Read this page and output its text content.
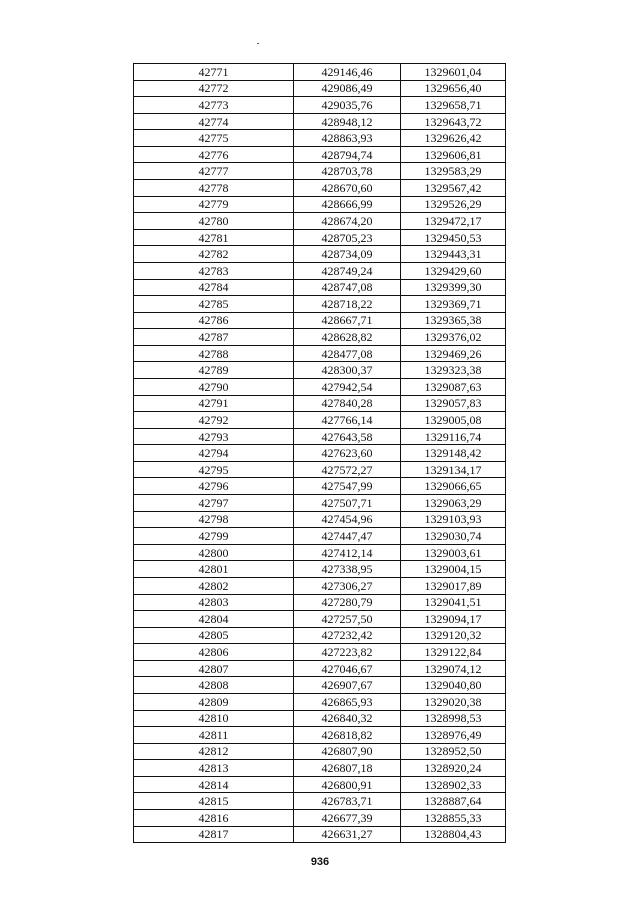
42771	429146,46	1329601,04
42772	429086,49	1329656,40
42773	429035,76	1329658,71
42774	428948,12	1329643,72
42775	428863,93	1329626,42
42776	428794,74	1329606,81
42777	428703,78	1329583,29
42778	428670,60	1329567,42
42779	428666,99	1329526,29
42780	428674,20	1329472,17
42781	428705,23	1329450,53
42782	428734,09	1329443,31
42783	428749,24	1329429,60
42784	428747,08	1329399,30
42785	428718,22	1329369,71
42786	428667,71	1329365,38
42787	428628,82	1329376,02
42788	428477,08	1329469,26
42789	428300,37	1329323,38
42790	427942,54	1329087,63
42791	427840,28	1329057,83
42792	427766,14	1329005,08
42793	427643,58	1329116,74
42794	427623,60	1329148,42
42795	427572,27	1329134,17
42796	427547,99	1329066,65
42797	427507,71	1329063,29
42798	427454,96	1329103,93
42799	427447,47	1329030,74
42800	427412,14	1329003,61
42801	427338,95	1329004,15
42802	427306,27	1329017,89
42803	427280,79	1329041,51
42804	427257,50	1329094,17
42805	427232,42	1329120,32
42806	427223,82	1329122,84
42807	427046,67	1329074,12
42808	426907,67	1329040,80
42809	426865,93	1329020,38
42810	426840,32	1328998,53
42811	426818,82	1328976,49
42812	426807,90	1328952,50
42813	426807,18	1328920,24
42814	426800,91	1328902,33
42815	426783,71	1328887,64
42816	426677,39	1328855,33
42817	426631,27	1328804,43
936
